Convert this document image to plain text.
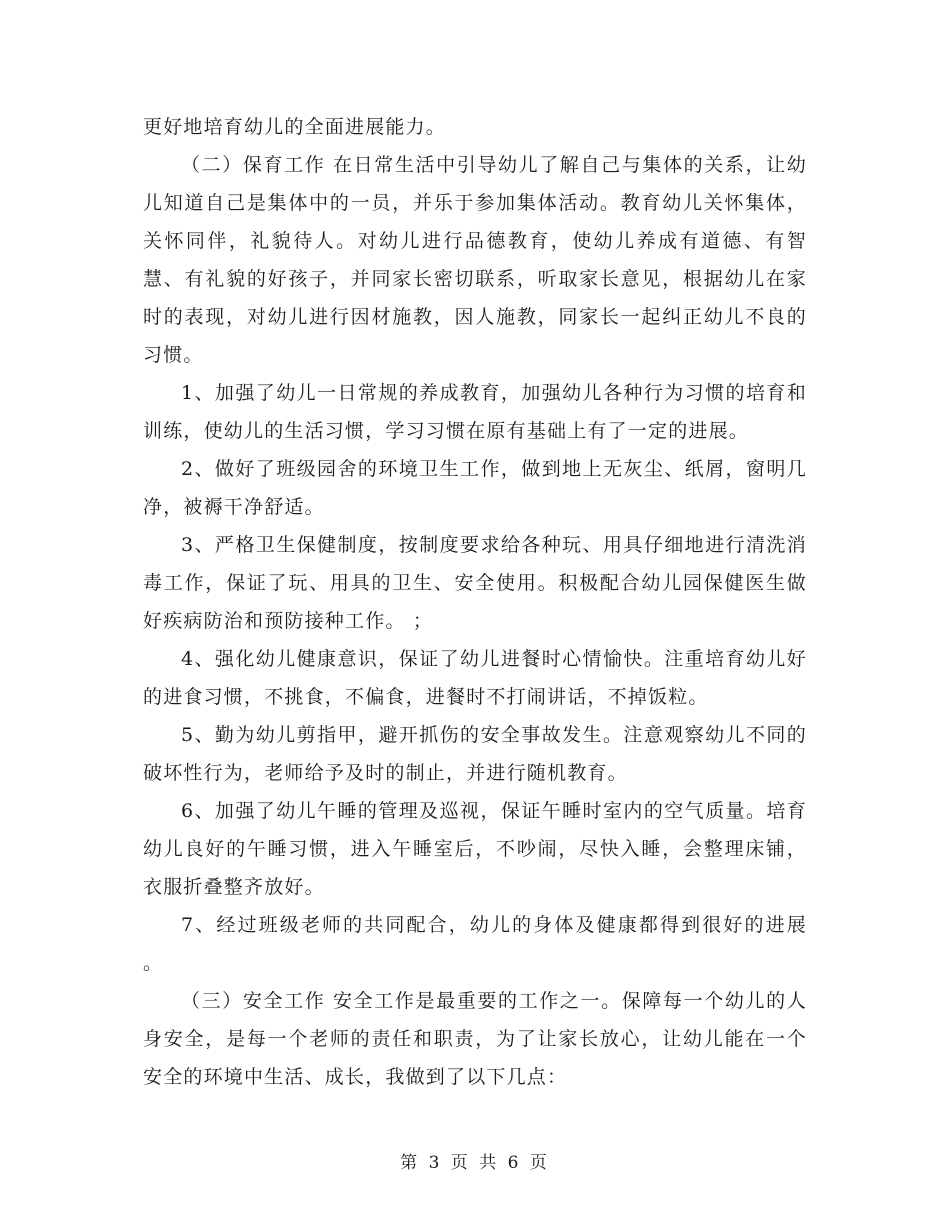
更好地培育幼儿的全面进展能力。

（二）保育工作 在日常生活中引导幼儿了解自己与集体的关系，让幼儿知道自己是集体中的一员，并乐于参加集体活动。教育幼儿关怀集体，关怀同伴，礼貌待人。对幼儿进行品德教育，使幼儿养成有道德、有智慧、有礼貌的好孩子，并同家长密切联系，听取家长意见，根据幼儿在家时的表现，对幼儿进行因材施教，因人施教，同家长一起纠正幼儿不良的习惯。

1、加强了幼儿一日常规的养成教育，加强幼儿各种行为习惯的培育和训练，使幼儿的生活习惯，学习习惯在原有基础上有了一定的进展。

2、做好了班级园舍的环境卫生工作，做到地上无灰尘、纸屑，窗明几净，被褥干净舒适。

3、严格卫生保健制度，按制度要求给各种玩、用具仔细地进行清洗消毒工作，保证了玩、用具的卫生、安全使用。积极配合幼儿园保健医生做好疾病防治和预防接种工作。 ；

4、强化幼儿健康意识，保证了幼儿进餐时心情愉快。注重培育幼儿好的进食习惯，不挑食，不偏食，进餐时不打闹讲话，不掉饭粒。

5、勤为幼儿剪指甲，避开抓伤的安全事故发生。注意观察幼儿不同的破坏性行为，老师给予及时的制止，并进行随机教育。

6、加强了幼儿午睡的管理及巡视，保证午睡时室内的空气质量。培育幼儿良好的午睡习惯，进入午睡室后，不吵闹，尽快入睡，会整理床铺，衣服折叠整齐放好。

7、经过班级老师的共同配合，幼儿的身体及健康都得到很好的进展 。

（三）安全工作 安全工作是最重要的工作之一。保障每一个幼儿的人身安全，是每一个老师的责任和职责，为了让家长放心，让幼儿能在一个安全的环境中生活、成长，我做到了以下几点：

第 3 页 共 6 页
